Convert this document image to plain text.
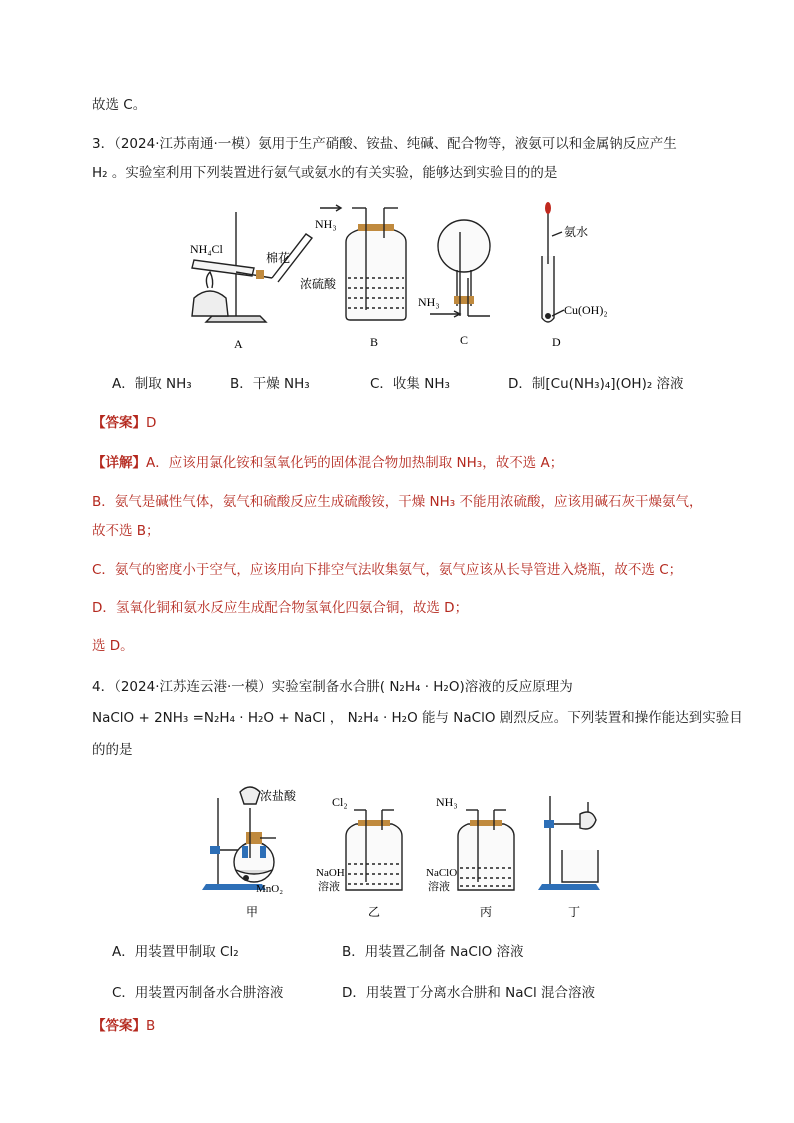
故选 C。
3．（2024·江苏南通·一模）氨用于生产硝酸、铵盐、纯碱、配合物等，液氨可以和金属钠反应产生
H₂ 。实验室利用下列装置进行氨气或氨水的有关实验，能够达到实验目的的是
NH₄Cl
棉花
NH₃
浓硫酸
NH₃
氨水
Cu(OH)₂
A	B	C	D
A．制取 NH₃	B．干燥 NH₃	C．收集 NH₃	D．制[Cu(NH₃)₄](OH)₂ 溶液
【答案】D
【详解】A．应该用氯化铵和氢氧化钙的固体混合物加热制取 NH₃，故不选 A；
B．氨气是碱性气体，氨气和硫酸反应生成硫酸铵，干燥 NH₃ 不能用浓硫酸，应该用碱石灰干燥氨气，
故不选 B；
C．氨气的密度小于空气，应该用向下排空气法收集氨气，氨气应该从长导管进入烧瓶，故不选 C；
D．氢氧化铜和氨水反应生成配合物氢氧化四氨合铜，故选 D；
选 D。
4．（2024·江苏连云港·一模）实验室制备水合肼( N₂H₄ · H₂O)溶液的反应原理为
NaClO + 2NH₃ =N₂H₄ · H₂O + NaCl ， N₂H₄ · H₂O 能与 NaClO 剧烈反应。下列装置和操作能达到实验目
的的是
浓盐酸
MnO₂
Cl₂
NaOH
溶液
NH₃
NaClO
溶液
甲	乙	丙	丁
A．用装置甲制取 Cl₂	B．用装置乙制备 NaClO 溶液
C．用装置丙制备水合肼溶液	D．用装置丁分离水合肼和 NaCl 混合溶液
【答案】B
